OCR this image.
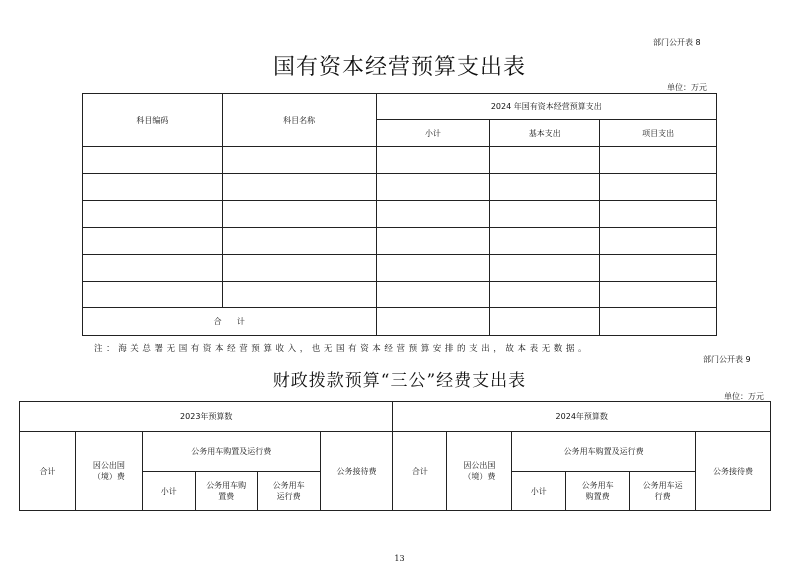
部门公开表 8
国有资本经营预算支出表
单位：万元
科目编码	科目名称	2024 年国有资本经营预算支出		
		小计	基本支出	项目支出

合      计				
注：海关总署无国有资本经营预算收入，也无国有资本经营预算安排的支出，故本表无数据。
部门公开表 9
财政拨款预算“三公”经费支出表
单位：万元
2023年预算数						2024年预算数					
合计	因公出国（境）费	公务用车购置及运行费			公务接待费	合计	因公出国（境）费	公务用车购置及运行费			公务接待费
		小计	公务用车购置费	公务用车运行费				小计	公务用车购置费	公务用车运行费	
13
